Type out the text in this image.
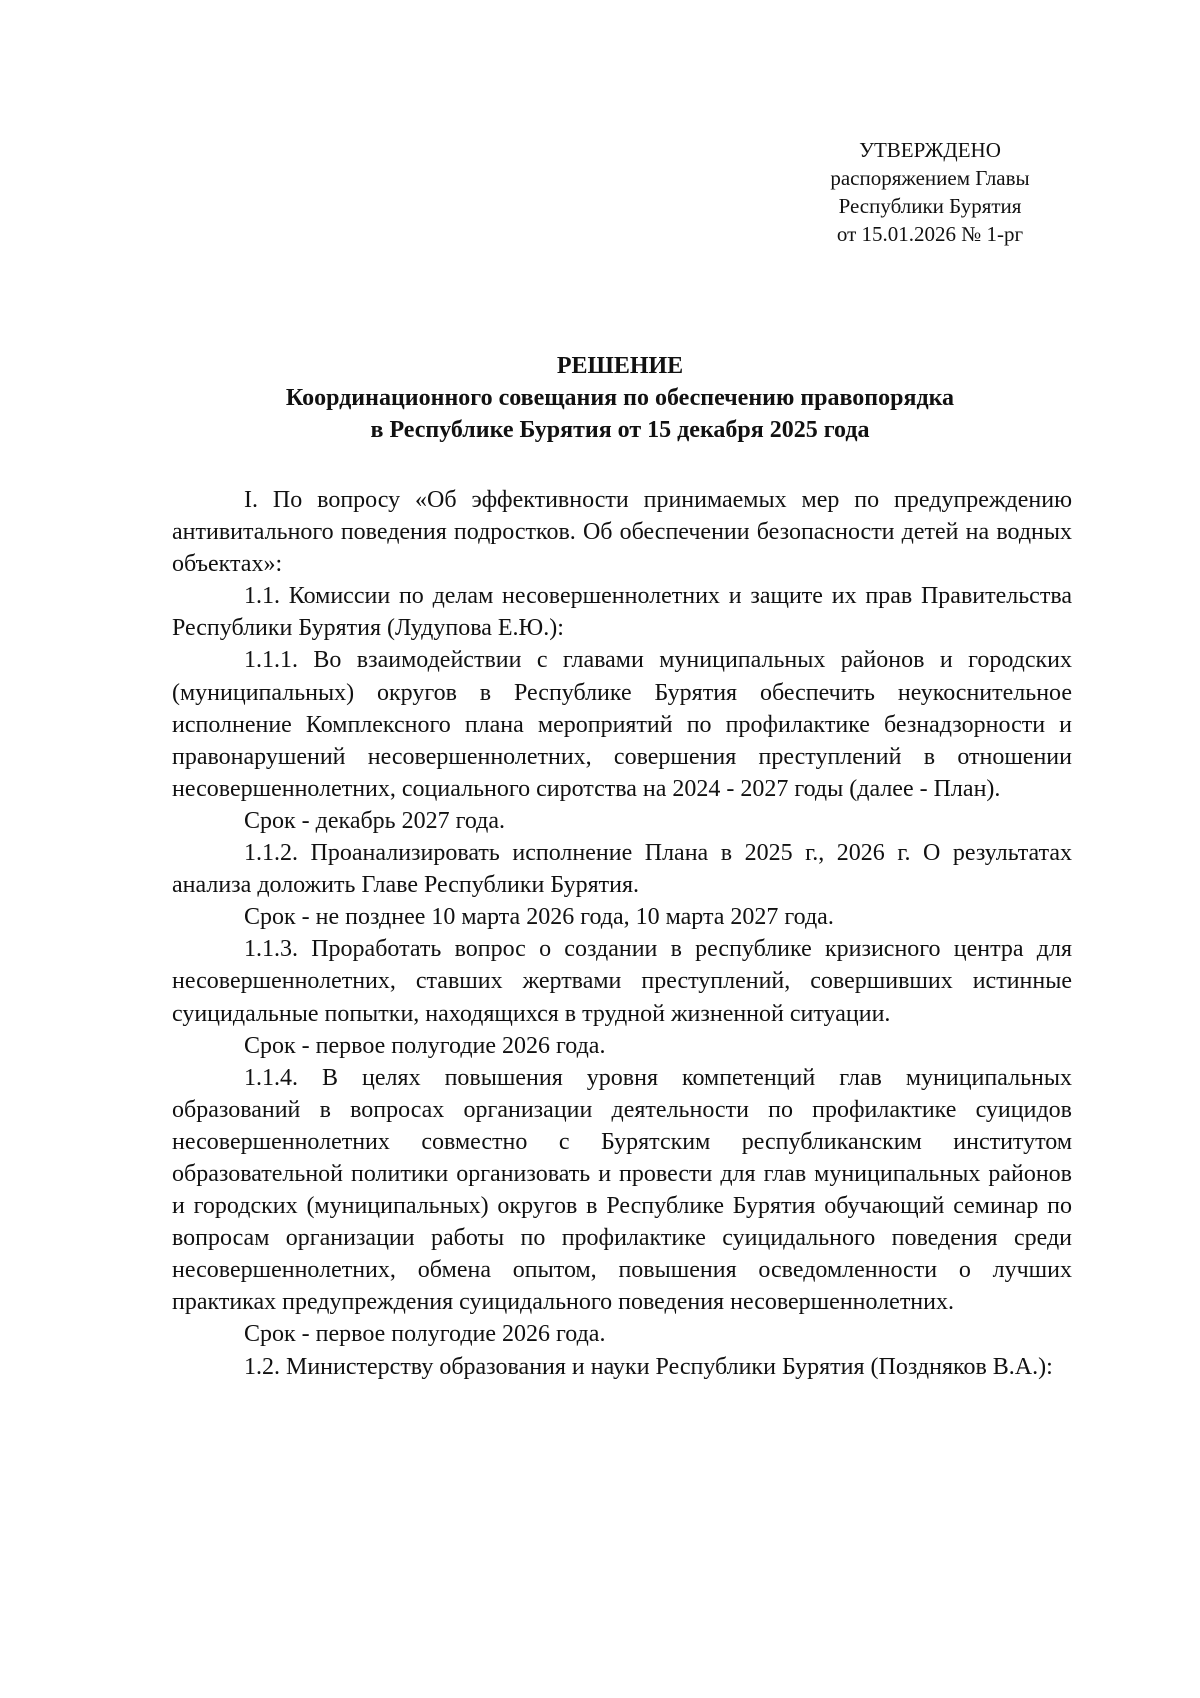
УТВЕРЖДЕНО
распоряжением Главы
Республики Бурятия
от 15.01.2026 № 1-рг
РЕШЕНИЕ
Координационного совещания по обеспечению правопорядка
в Республике Бурятия от 15 декабря 2025 года

I. По вопросу «Об эффективности принимаемых мер по предупреждению антивитального поведения подростков. Об обеспечении безопасности детей на водных объектах»:

1.1. Комиссии по делам несовершеннолетних и защите их прав Правительства Республики Бурятия (Лудупова Е.Ю.):

1.1.1. Во взаимодействии с главами муниципальных районов и городских (муниципальных) округов в Республике Бурятия обеспечить неукоснительное исполнение Комплексного плана мероприятий по профилактике безнадзорности и правонарушений несовершеннолетних, совершения преступлений в отношении несовершеннолетних, социального сиротства на 2024 - 2027 годы (далее - План).

Срок - декабрь 2027 года.

1.1.2. Проанализировать исполнение Плана в 2025 г., 2026 г. О результатах анализа доложить Главе Республики Бурятия.

Срок - не позднее 10 марта 2026 года, 10 марта 2027 года.

1.1.3. Проработать вопрос о создании в республике кризисного центра для несовершеннолетних, ставших жертвами преступлений, совершивших истинные суицидальные попытки, находящихся в трудной жизненной ситуации.

Срок - первое полугодие 2026 года.

1.1.4. В целях повышения уровня компетенций глав муниципальных образований в вопросах организации деятельности по профилактике суицидов несовершеннолетних совместно с Бурятским республиканским институтом образовательной политики организовать и провести для глав муниципальных районов и городских (муниципальных) округов в Республике Бурятия обучающий семинар по вопросам организации работы по профилактике суицидального поведения среди несовершеннолетних, обмена опытом, повышения осведомленности о лучших практиках предупреждения суицидального поведения несовершеннолетних.

Срок - первое полугодие 2026 года.

1.2. Министерству образования и науки Республики Бурятия (Поздняков В.А.):
